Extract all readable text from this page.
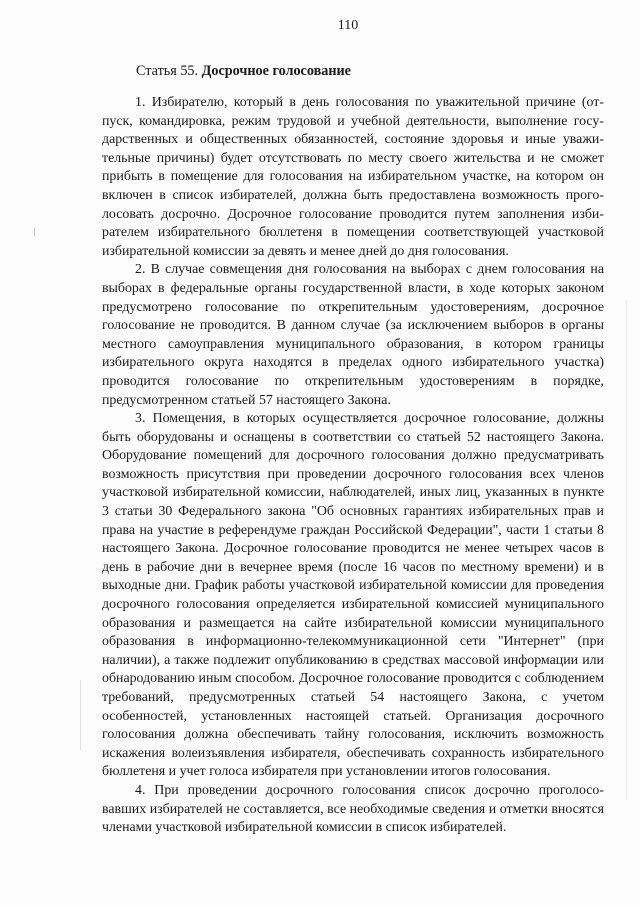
110
Статья 55. Досрочное голосование

1. Избирателю, который в день голосования по уважительной причине (отпуск, командировка, режим трудовой и учебной деятельности, выполнение государственных и общественных обязанностей, состояние здоровья и иные уважительные причины) будет отсутствовать по месту своего жительства и не сможет прибыть в помещение для голосования на избирательном участке, на котором он включен в список избирателей, должна быть предоставлена возможность проголосовать досрочно. Досрочное голосование проводится путем заполнения избирателем избирательного бюллетеня в помещении соответствующей участковой избирательной комиссии за девять и менее дней до дня голосования.

2. В случае совмещения дня голосования на выборах с днем голосования на выборах в федеральные органы государственной власти, в ходе которых законом предусмотрено голосование по открепительным удостоверениям, досрочное голосование не проводится. В данном случае (за исключением выборов в органы местного самоуправления муниципального образования, в котором границы избирательного округа находятся в пределах одного избирательного участка) проводится голосование по открепительным удостоверениям в порядке, предусмотренном статьей 57 настоящего Закона.

3. Помещения, в которых осуществляется досрочное голосование, должны быть оборудованы и оснащены в соответствии со статьей 52 настоящего Закона. Оборудование помещений для досрочного голосования должно предусматривать возможность присутствия при проведении досрочного голосования всех членов участковой избирательной комиссии, наблюдателей, иных лиц, указанных в пункте 3 статьи 30 Федерального закона "Об основных гарантиях избирательных прав и права на участие в референдуме граждан Российской Федерации", части 1 статьи 8 настоящего Закона. Досрочное голосование проводится не менее четырех часов в день в рабочие дни в вечернее время (после 16 часов по местному времени) и в выходные дни. График работы участковой избирательной комиссии для проведения досрочного голосования определяется избирательной комиссией муниципального образования и размещается на сайте избирательной комиссии муниципального образования в информационно-телекоммуникационной сети "Интернет" (при наличии), а также подлежит опубликованию в средствах массовой информации или обнародованию иным способом. Досрочное голосование проводится с соблюдением требований, предусмотренных статьей 54 настоящего Закона, с учетом особенностей, установленных настоящей статьей. Организация досрочного голосования должна обеспечивать тайну голосования, исключить возможность искажения волеизъявления избирателя, обеспечивать сохранность избирательного бюллетеня и учет голоса избирателя при установлении итогов голосования.

4. При проведении досрочного голосования список досрочно проголосовавших избирателей не составляется, все необходимые сведения и отметки вносятся членами участковой избирательной комиссии в список избирателей.
